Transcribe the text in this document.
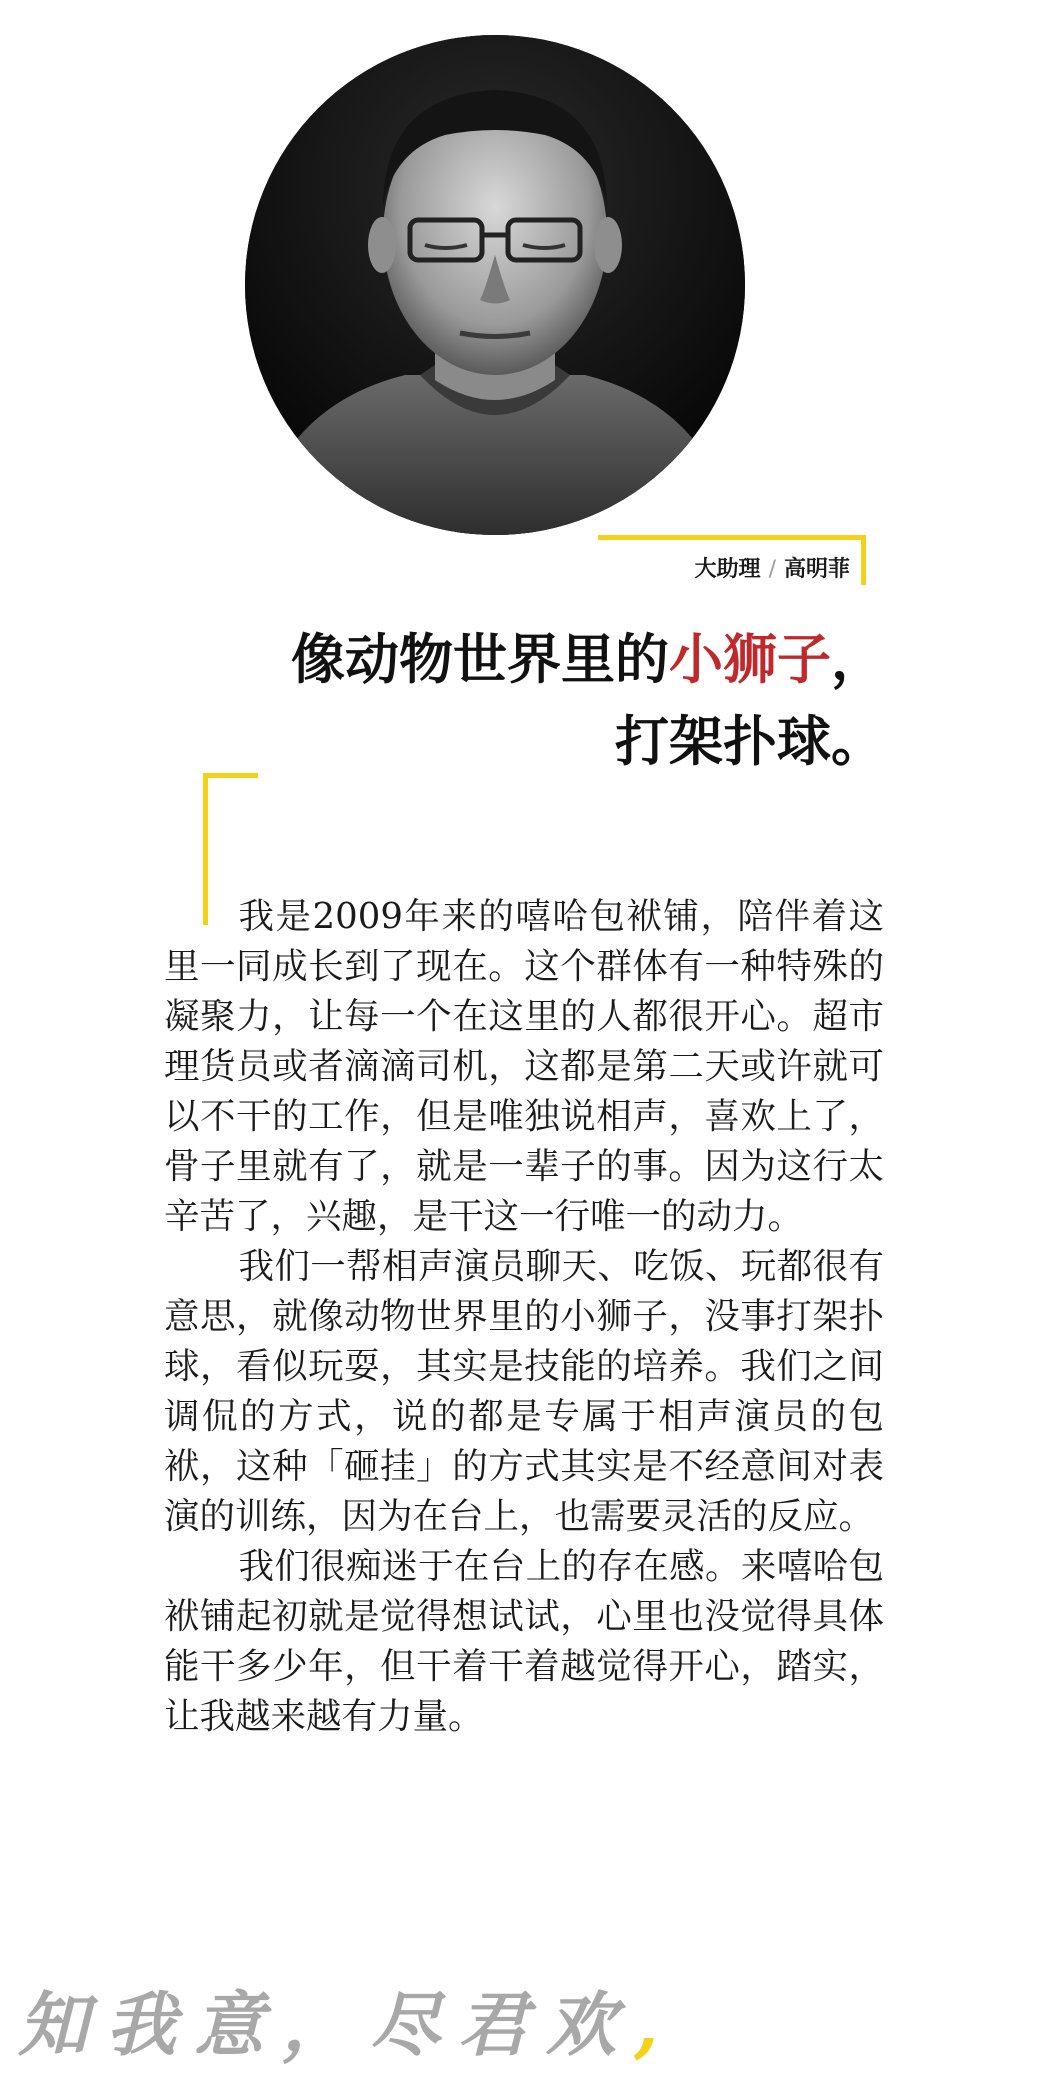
大助理 / 高明菲
像动物世界里的小狮子，
打架扑球。

我是2009年来的嘻哈包袱铺，陪伴着这里一同成长到了现在。这个群体有一种特殊的凝聚力，让每一个在这里的人都很开心。超市理货员或者滴滴司机，这都是第二天或许就可以不干的工作，但是唯独说相声，喜欢上了，骨子里就有了，就是一辈子的事。因为这行太辛苦了，兴趣，是干这一行唯一的动力。

我们一帮相声演员聊天、吃饭、玩都很有意思，就像动物世界里的小狮子，没事打架扑球，看似玩耍，其实是技能的培养。我们之间调侃的方式，说的都是专属于相声演员的包袱，这种「砸挂」的方式其实是不经意间对表演的训练，因为在台上，也需要灵活的反应。

我们很痴迷于在台上的存在感。来嘻哈包袱铺起初就是觉得想试试，心里也没觉得具体能干多少年，但干着干着越觉得开心，踏实，让我越来越有力量。

知我意，尽君欢,
